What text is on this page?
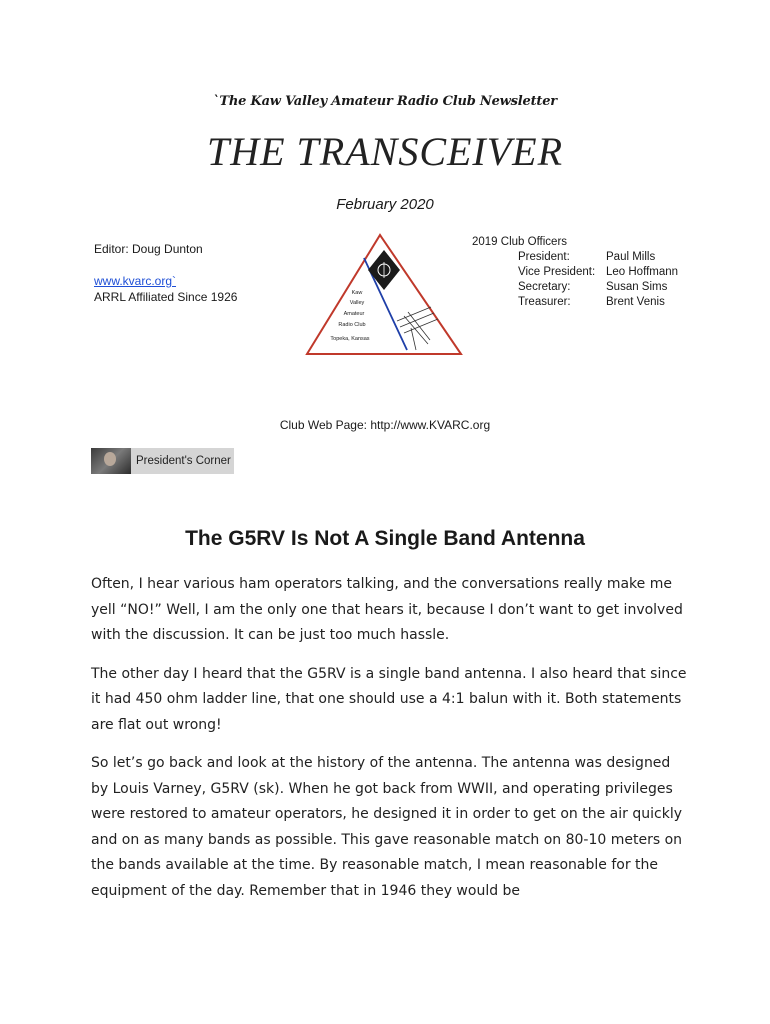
`The Kaw Valley Amateur Radio Club Newsletter
THE TRANSCEIVER
February 2020
Editor: Doug Dunton
www.kvarc.org`
ARRL Affiliated Since 1926	Kaw
Valley
Amateur
Radio Club
Topeka, Kansas
2019 Club Officers
President:	Paul Mills
Vice President: Leo Hoffmann
Secretary:	Susan Sims
Treasurer:	Brent Venis
Club Web Page: http://www.KVARC.org
President's Corner
The G5RV Is Not A Single Band Antenna

Often, I hear various ham operators talking, and the conversations really make me yell “NO!” Well, I am the only one that hears it, because I don’t want to get involved with the discussion. It can be just too much hassle.

The other day I heard that the G5RV is a single band antenna. I also heard that since it had 450 ohm ladder line, that one should use a 4:1 balun with it. Both statements are flat out wrong!

So let’s go back and look at the history of the antenna. The antenna was designed by Louis Varney, G5RV (sk). When he got back from WWII, and operating privileges were restored to amateur operators, he designed it in order to get on the air quickly and on as many bands as possible. This gave reasonable match on 80-10 meters on the bands available at the time. By reasonable match, I mean reasonable for the equipment of the day. Remember that in 1946 they would be
